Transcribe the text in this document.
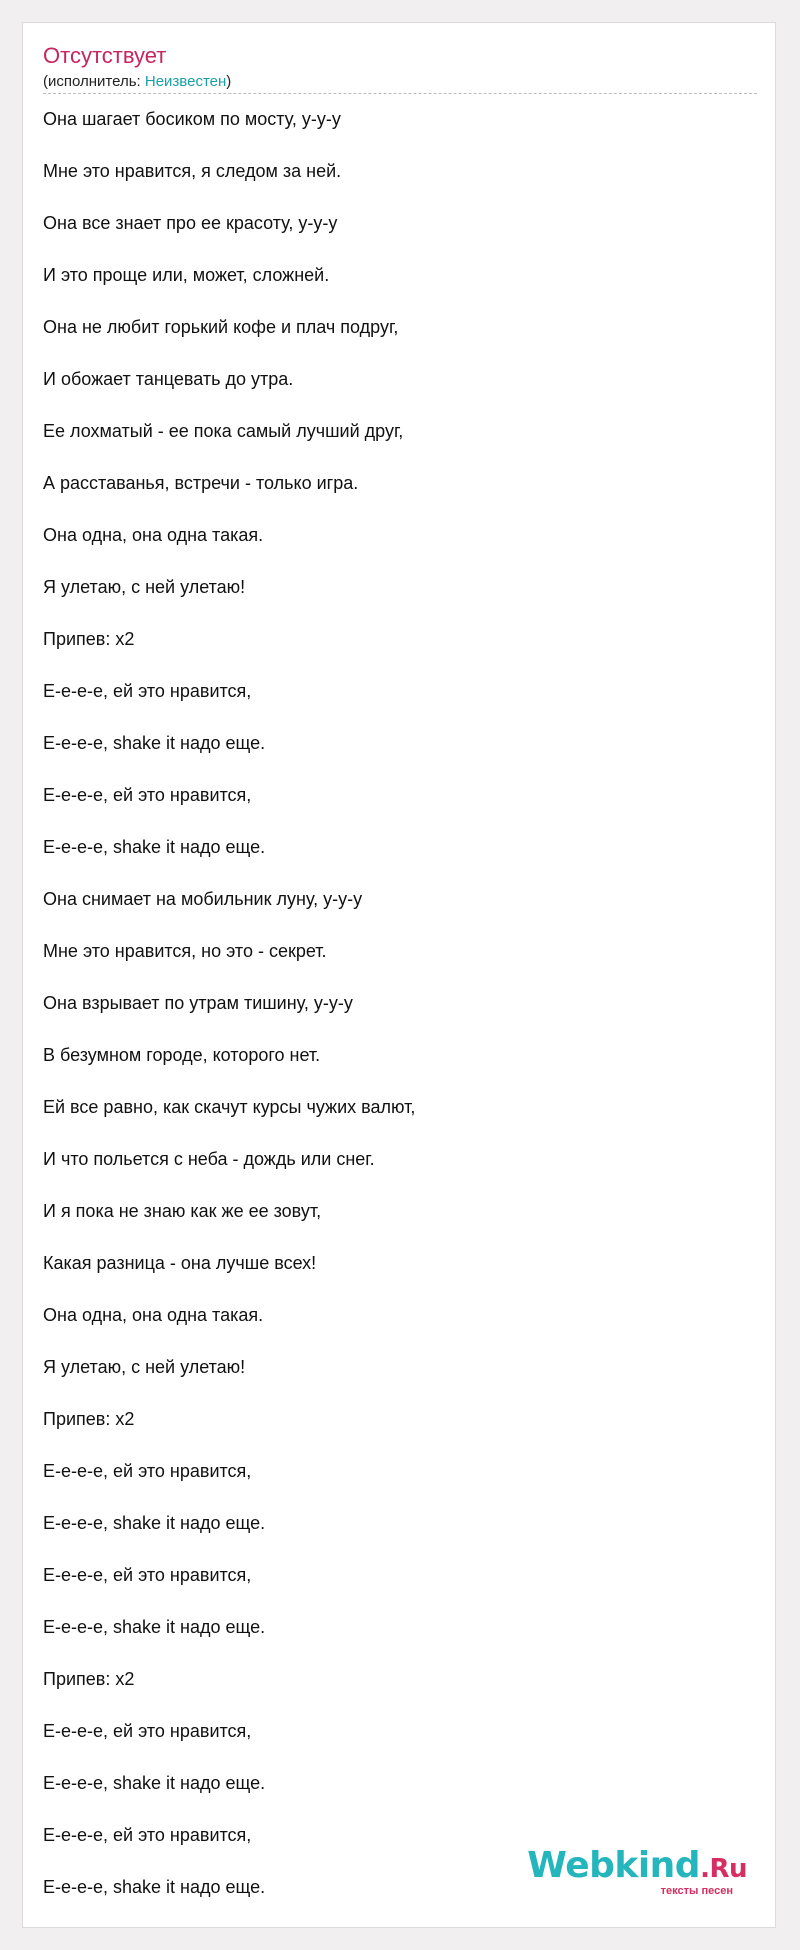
Отсутствует
(исполнитель: Неизвестен)
Она шагает босиком по мосту, у-у-у
Мне это нравится, я следом за ней.
Она все знает про ее красоту, у-у-у
И это проще или, может, сложней.
Она не любит горький кофе и плач подруг,
И обожает танцевать до утра.
Ее лохматый - ее пока самый лучший друг,
А расставанья, встречи - только игра.
Она одна, она одна такая.
Я улетаю, с ней улетаю!
Припев: х2
Е-е-е-е, ей это нравится,
Е-е-е-е, shake it надо еще.
Е-е-е-е, ей это нравится,
Е-е-е-е, shake it надо еще.
Она снимает на мобильник луну, у-у-у
Мне это нравится, но это - секрет.
Она взрывает по утрам тишину, у-у-у
В безумном городе, которого нет.
Ей все равно, как скачут курсы чужих валют,
И что польется с неба - дождь или снег.
И я пока не знаю как же ее зовут,
Какая разница - она лучше всех!
Она одна, она одна такая.
Я улетаю, с ней улетаю!
Припев: х2
Е-е-е-е, ей это нравится,
Е-е-е-е, shake it надо еще.
Е-е-е-е, ей это нравится,
Е-е-е-е, shake it надо еще.
Припев: х2
Е-е-е-е, ей это нравится,
Е-е-е-е, shake it надо еще.
Е-е-е-е, ей это нравится,
Е-е-е-е, shake it надо еще.
Webkind.Ru
тексты песен
